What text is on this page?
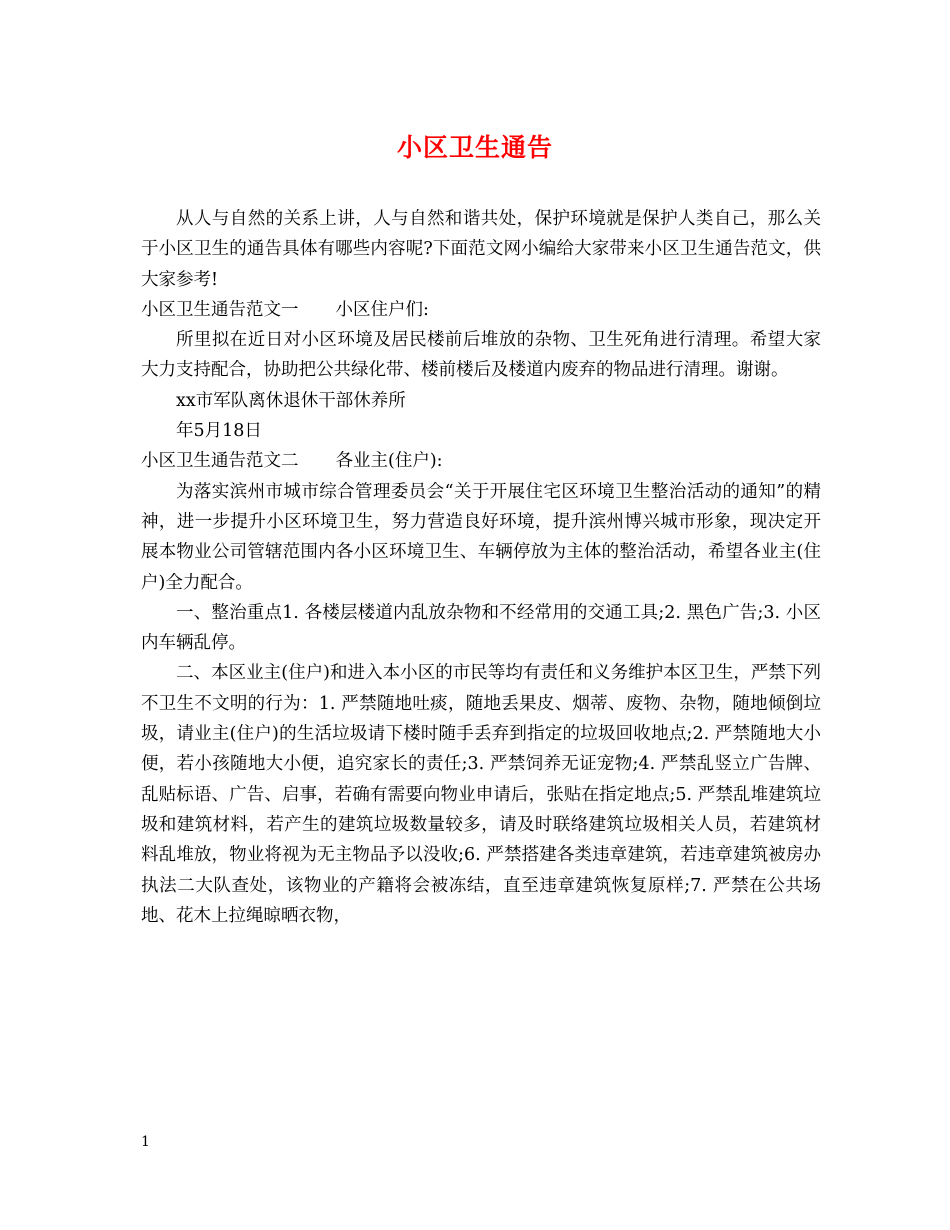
小区卫生通告

从人与自然的关系上讲，人与自然和谐共处，保护环境就是保护人类自己，那么关于小区卫生的通告具体有哪些内容呢?下面范文网小编给大家带来小区卫生通告范文，供大家参考!

小区卫生通告范文一 小区住户们:

所里拟在近日对小区环境及居民楼前后堆放的杂物、卫生死角进行清理。希望大家大力支持配合，协助把公共绿化带、楼前楼后及楼道内废弃的物品进行清理。谢谢。

xx市军队离休退休干部休养所

年5月18日

小区卫生通告范文二 各业主(住户):

为落实滨州市城市综合管理委员会“关于开展住宅区环境卫生整治活动的通知”的精神，进一步提升小区环境卫生，努力营造良好环境，提升滨州博兴城市形象，现决定开展本物业公司管辖范围内各小区环境卫生、车辆停放为主体的整治活动，希望各业主(住户)全力配合。

一、整治重点1. 各楼层楼道内乱放杂物和不经常用的交通工具;2. 黑色广告;3. 小区内车辆乱停。

二、本区业主(住户)和进入本小区的市民等均有责任和义务维护本区卫生，严禁下列不卫生不文明的行为：1. 严禁随地吐痰，随地丢果皮、烟蒂、废物、杂物，随地倾倒垃圾，请业主(住户)的生活垃圾请下楼时随手丢弃到指定的垃圾回收地点;2. 严禁随地大小便，若小孩随地大小便，追究家长的责任;3. 严禁饲养无证宠物;4. 严禁乱竖立广告牌、乱贴标语、广告、启事，若确有需要向物业申请后，张贴在指定地点;5. 严禁乱堆建筑垃圾和建筑材料，若产生的建筑垃圾数量较多，请及时联络建筑垃圾相关人员，若建筑材料乱堆放，物业将视为无主物品予以没收;6. 严禁搭建各类违章建筑，若违章建筑被房办执法二大队查处，该物业的产籍将会被冻结，直至违章建筑恢复原样;7. 严禁在公共场地、花木上拉绳晾晒衣物，

1
